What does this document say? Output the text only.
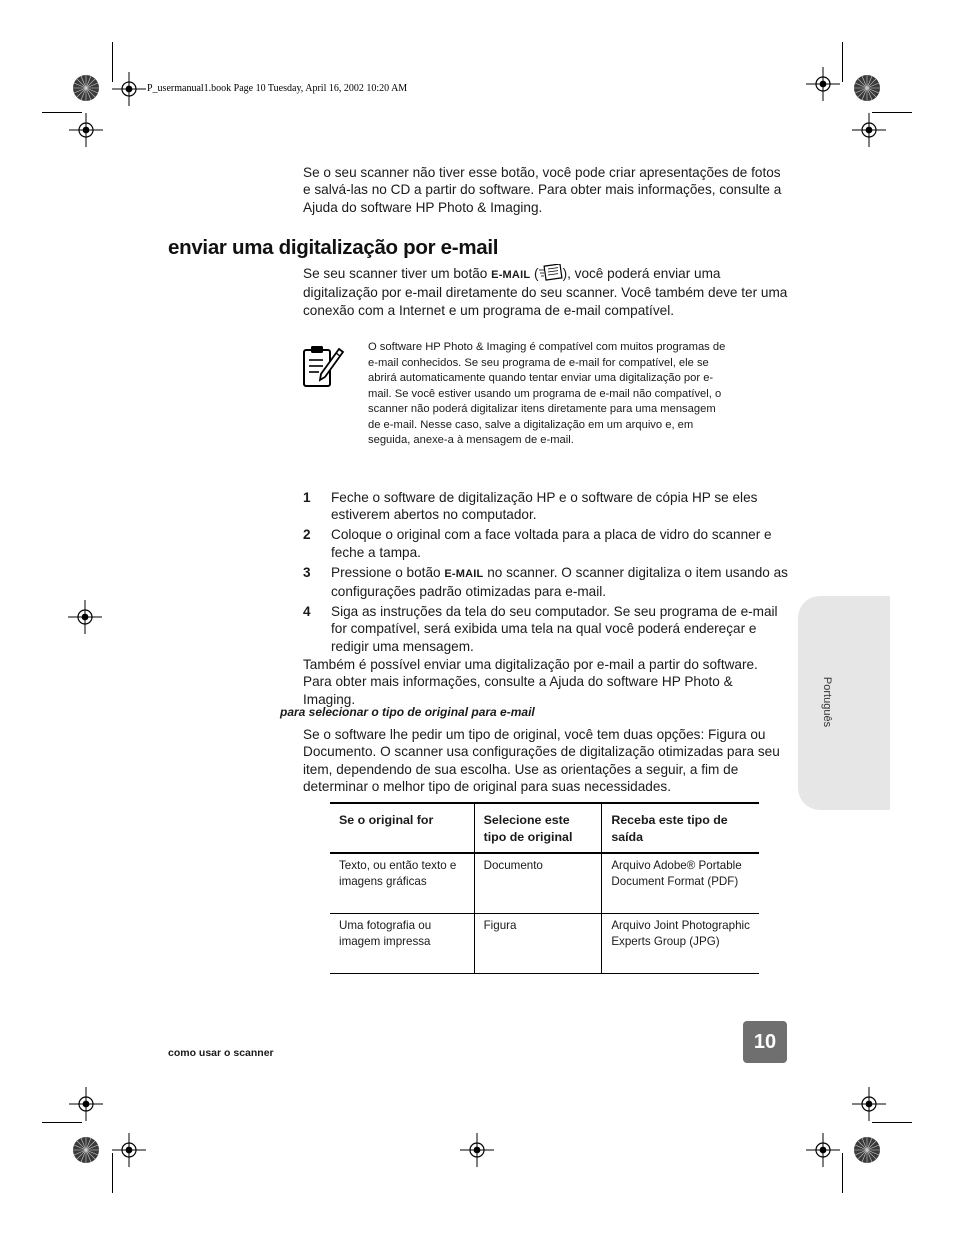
P_usermanual1.book Page 10 Tuesday, April 16, 2002 10:20 AM

Se o seu scanner não tiver esse botão, você pode criar apresentações de fotos e salvá-las no CD a partir do software. Para obter mais informações, consulte a Ajuda do software HP Photo & Imaging.

enviar uma digitalização por e-mail

Se seu scanner tiver um botão E-MAIL ( ), você poderá enviar uma digitalização por e-mail diretamente do seu scanner. Você também deve ter uma conexão com a Internet e um programa de e-mail compatível.

O software HP Photo & Imaging é compatível com muitos programas de e-mail conhecidos. Se seu programa de e-mail for compatível, ele se abrirá automaticamente quando tentar enviar uma digitalização por e-mail. Se você estiver usando um programa de e-mail não compatível, o scanner não poderá digitalizar itens diretamente para uma mensagem de e-mail. Nesse caso, salve a digitalização em um arquivo e, em seguida, anexe-a à mensagem de e-mail.
1	Feche o software de digitalização HP e o software de cópia HP se eles estiverem abertos no computador.
2	Coloque o original com a face voltada para a placa de vidro do scanner e feche a tampa.
3	Pressione o botão E-MAIL no scanner. O scanner digitaliza o item usando as configurações padrão otimizadas para e-mail.
4	Siga as instruções da tela do seu computador. Se seu programa de e-mail for compatível, será exibida uma tela na qual você poderá endereçar e redigir uma mensagem.

Também é possível enviar uma digitalização por e-mail a partir do software. Para obter mais informações, consulte a Ajuda do software HP Photo & Imaging.

para selecionar o tipo de original para e-mail

Se o software lhe pedir um tipo de original, você tem duas opções: Figura ou Documento. O scanner usa configurações de digitalização otimizadas para seu item, dependendo de sua escolha. Use as orientações a seguir, a fim de determinar o melhor tipo de original para suas necessidades.

Se o original for	Selecione este tipo de original	Receba este tipo de saída
Texto, ou então texto e imagens gráficas	Documento	Arquivo Adobe® Portable Document Format (PDF)
Uma fotografia ou imagem impressa	Figura	Arquivo Joint Photographic Experts Group (JPG)
Português
10
como usar o scanner
